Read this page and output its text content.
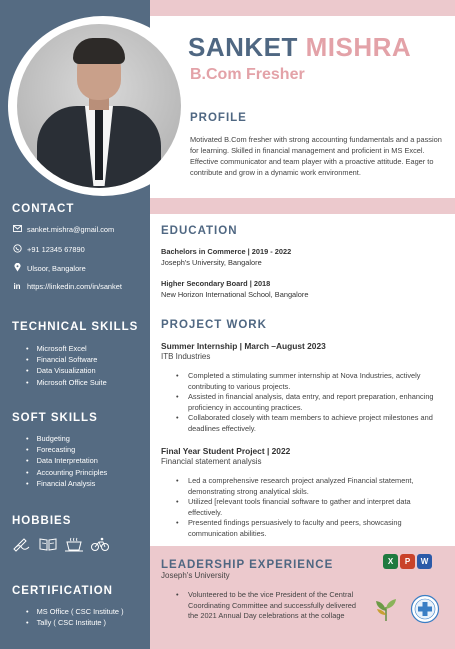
SANKET MISHRA
B.Com Fresher
PROFILE
Motivated B.Com fresher with strong accounting fundamentals and a passion for learning. Skilled in financial management and proficient in MS Excel. Effective communicator and team player with a proactive attitude. Eager to contribute and grow in a dynamic work environment.
CONTACT
sanket.mishra@gmail.com
+91 12345 67890
Ulsoor, Bangalore
in https://linkedin.com/in/sanket
TECHNICAL SKILLS
• Microsoft Excel
• Financial Software
• Data Visualization
• Microsoft Office Suite
SOFT SKILLS
• Budgeting
• Forecasting
• Data Interpretation
• Accounting Principles
• Financial Analysis
HOBBIES
CERTIFICATION
• MS Office ( CSC Institute )
• Tally ( CSC Institute )
EDUCATION
Bachelors in Commerce | 2019 - 2022
Joseph's University, Bangalore
Higher Secondary Board | 2018
New Horizon International School, Bangalore
PROJECT WORK
Summer Internship | March –August 2023
ITB Industries
• Completed a stimulating summer internship at Nova Industries, actively contributing to various projects.
• Assisted in financial analysis, data entry, and report preparation, enhancing proficiency in accounting practices.
• Collaborated closely with team members to achieve project milestones and deadlines effectively.
Final Year Student Project | 2022
Financial statement analysis
• Led a comprehensive research project analyzed Financial statement, demonstrating strong analytical skils.
• Utilized [relevant tools financial software to gather and interpret data effectively.
• Presented findings persuasively to faculty and peers, showcasing communication abilities.
LEADERSHIP EXPERIENCE
Joseph's University
• Volunteered to be the vice President of the Central Coordinating Committee and successfully delivered the 2021 Annual Day celebrations at the collage
X	P	W
